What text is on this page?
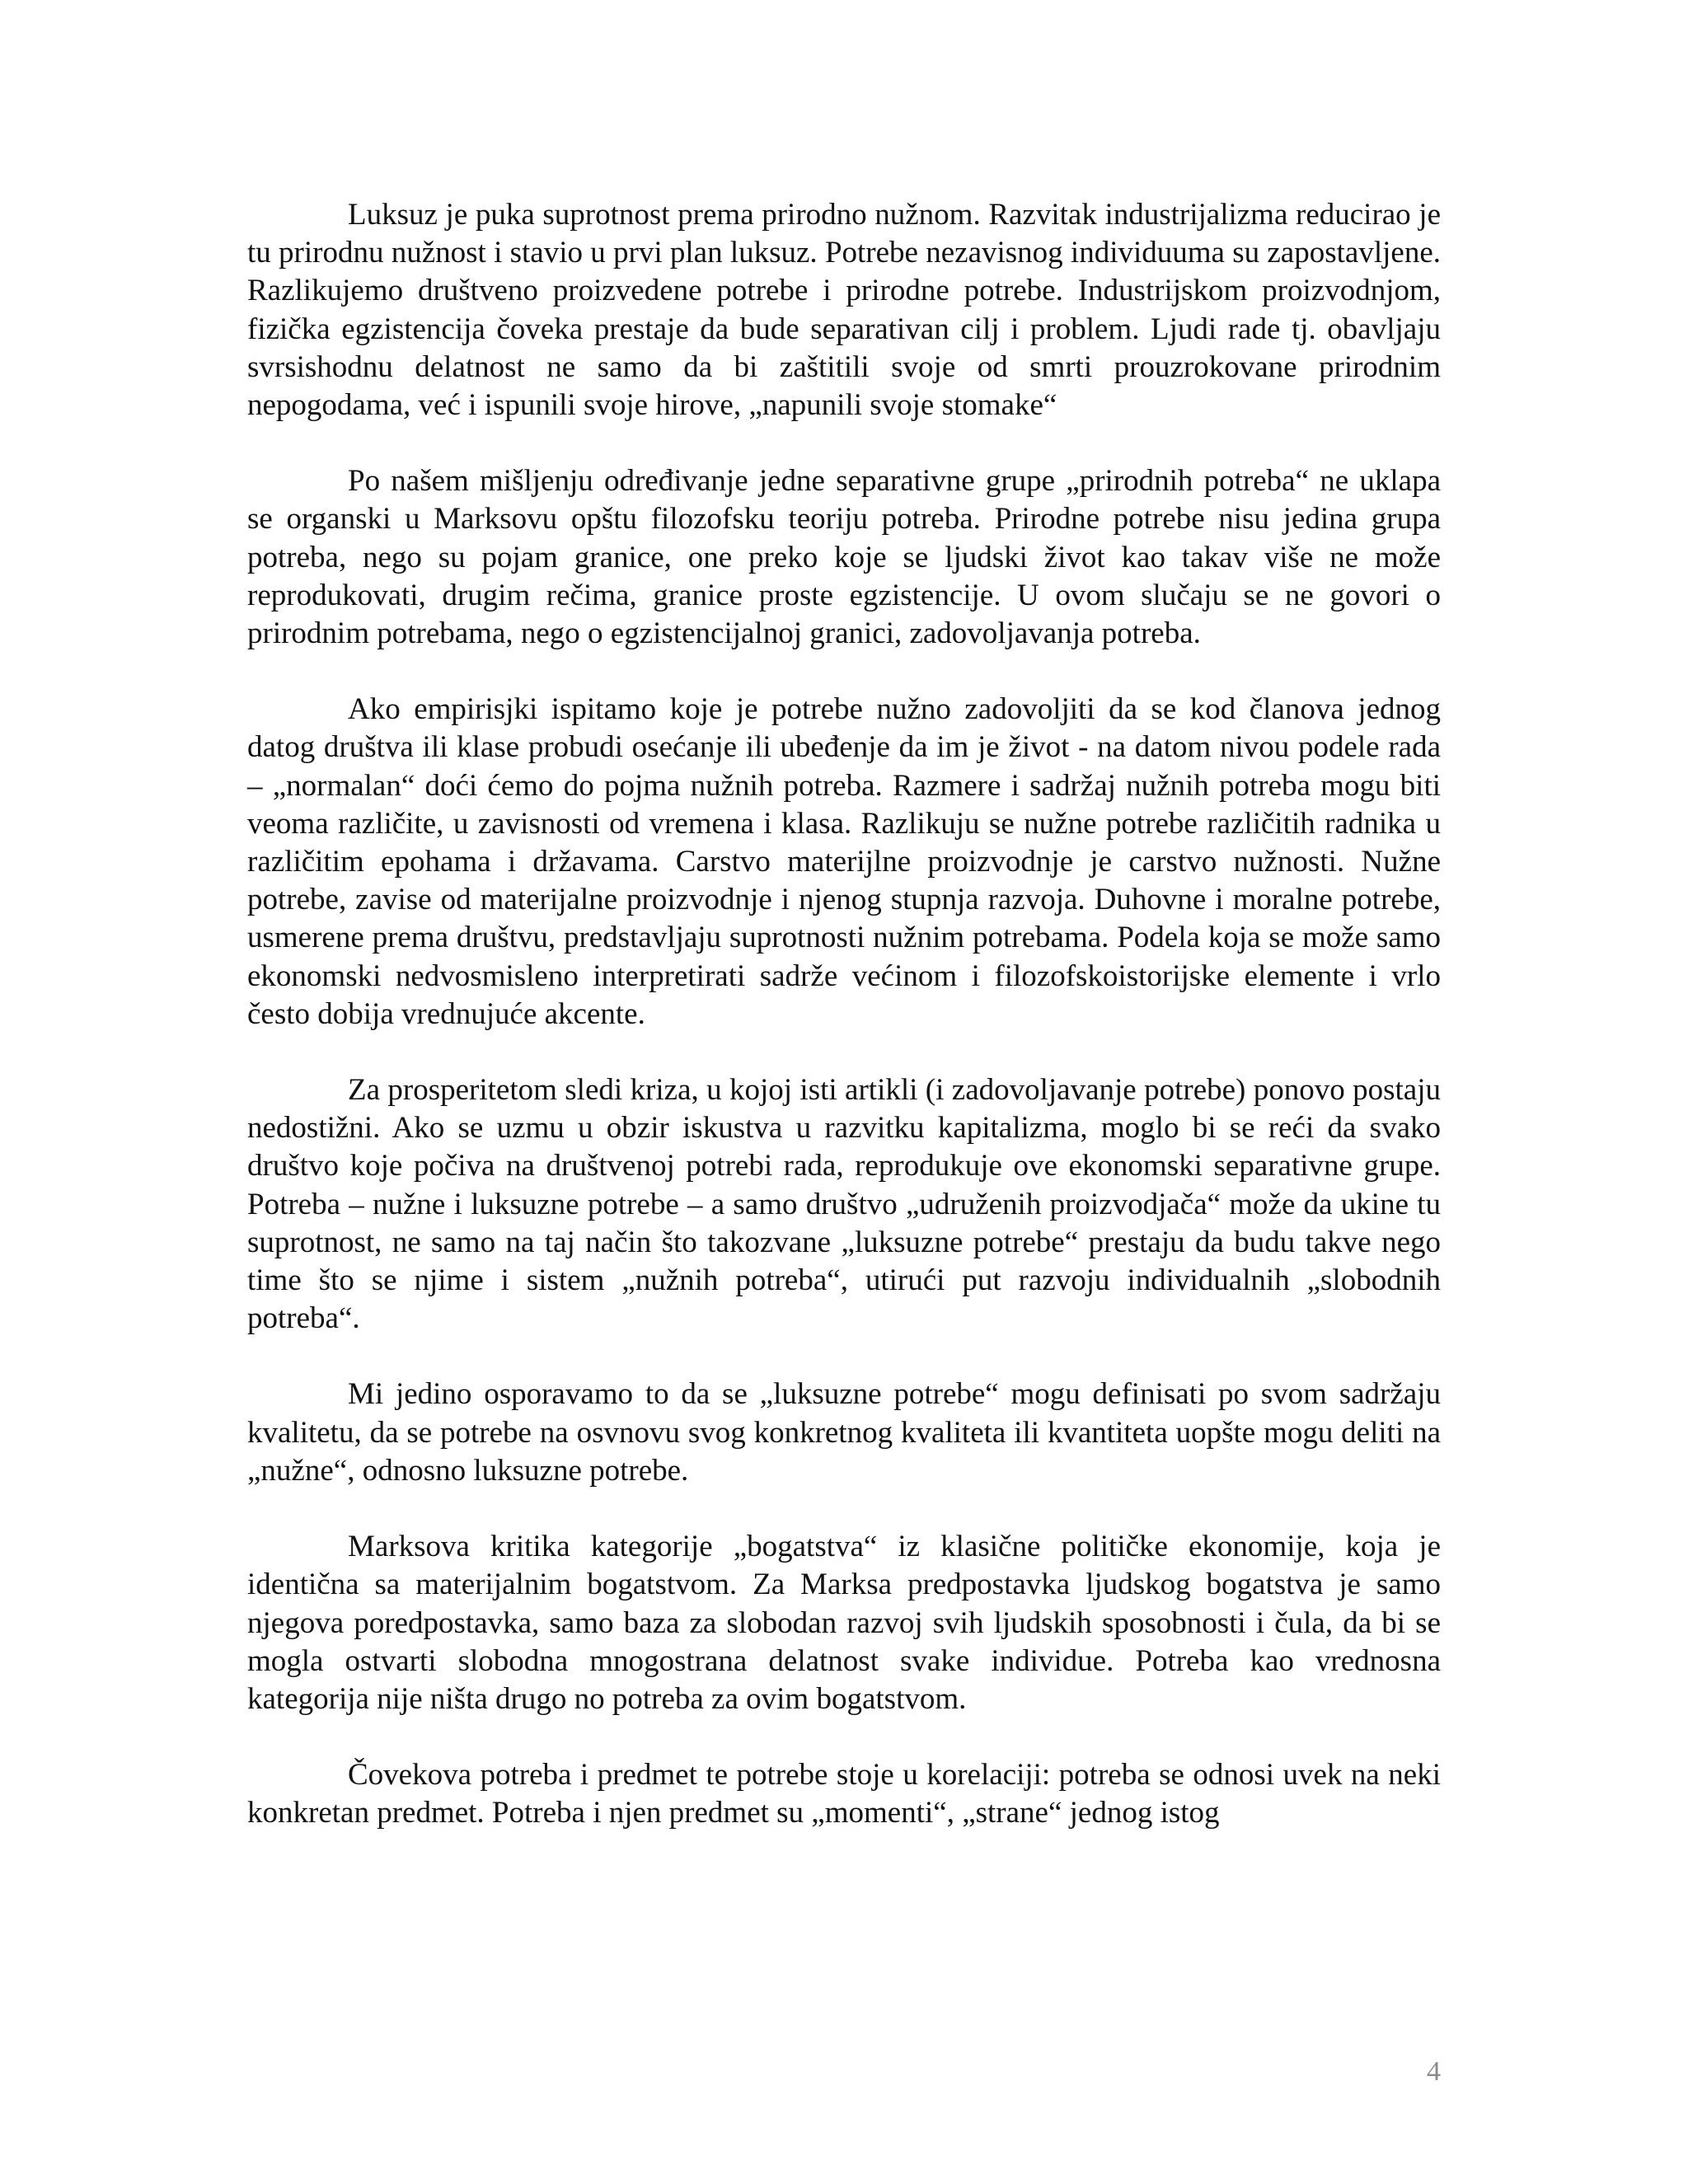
Luksuz je puka suprotnost prema prirodno nužnom. Razvitak industrijalizma reducirao je tu prirodnu nužnost i stavio u prvi plan luksuz. Potrebe nezavisnog individuuma su zapostavljene. Razlikujemo društveno proizvedene potrebe i prirodne potrebe. Industrijskom proizvodnjom, fizička egzistencija čoveka prestaje da bude separativan cilj i problem. Ljudi rade tj. obavljaju svrsishodnu delatnost ne samo da bi zaštitili svoje od smrti prouzrokovane prirodnim nepogodama, već i ispunili svoje hirove, „napunili svoje stomake“

Po našem mišljenju određivanje jedne separativne grupe „prirodnih potreba“ ne uklapa se organski u Marksovu opštu filozofsku teoriju potreba. Prirodne potrebe nisu jedina grupa potreba, nego su pojam granice, one preko koje se ljudski život kao takav više ne može reprodukovati, drugim rečima, granice proste egzistencije. U ovom slučaju se ne govori o prirodnim potrebama, nego o egzistencijalnoj granici, zadovoljavanja potreba.

Ako empirisjki ispitamo koje je potrebe nužno zadovoljiti da se kod članova jednog datog društva ili klase probudi osećanje ili ubeđenje da im je život - na datom nivou podele rada – „normalan“ doći ćemo do pojma nužnih potreba. Razmere i sadržaj nužnih potreba mogu biti veoma različite, u zavisnosti od vremena i klasa. Razlikuju se nužne potrebe različitih radnika u različitim epohama i državama. Carstvo materijlne proizvodnje je carstvo nužnosti. Nužne potrebe, zavise od materijalne proizvodnje i njenog stupnja razvoja. Duhovne i moralne potrebe, usmerene prema društvu, predstavljaju suprotnosti nužnim potrebama. Podela koja se može samo ekonomski nedvosmisleno interpretirati sadrže većinom i filozofskoistorijske elemente i vrlo često dobija vrednujuće akcente.

Za prosperitetom sledi kriza, u kojoj isti artikli (i zadovoljavanje potrebe) ponovo postaju nedostižni. Ako se uzmu u obzir iskustva u razvitku kapitalizma, moglo bi se reći da svako društvo koje počiva na društvenoj potrebi rada, reprodukuje ove ekonomski separativne grupe. Potreba – nužne i luksuzne potrebe – a samo društvo „udruženih proizvodjača“ može da ukine tu suprotnost, ne samo na taj način što takozvane „luksuzne potrebe“ prestaju da budu takve nego time što se njime i sistem „nužnih potreba“, utirući put razvoju individualnih „slobodnih potreba“.

Mi jedino osporavamo to da se „luksuzne potrebe“ mogu definisati po svom sadržaju kvalitetu, da se potrebe na osvnovu svog konkretnog kvaliteta ili kvantiteta uopšte mogu deliti na „nužne“, odnosno luksuzne potrebe.

Marksova kritika kategorije „bogatstva“ iz klasične političke ekonomije, koja je identična sa materijalnim bogatstvom. Za Marksa predpostavka ljudskog bogatstva je samo njegova poredpostavka, samo baza za slobodan razvoj svih ljudskih sposobnosti i čula, da bi se mogla ostvarti slobodna mnogostrana delatnost svake individue. Potreba kao vrednosna kategorija nije ništa drugo no potreba za ovim bogatstvom.

Čovekova potreba i predmet te potrebe stoje u korelaciji: potreba se odnosi uvek na neki konkretan predmet. Potreba i njen predmet su „momenti“, „strane“ jednog istog

4
